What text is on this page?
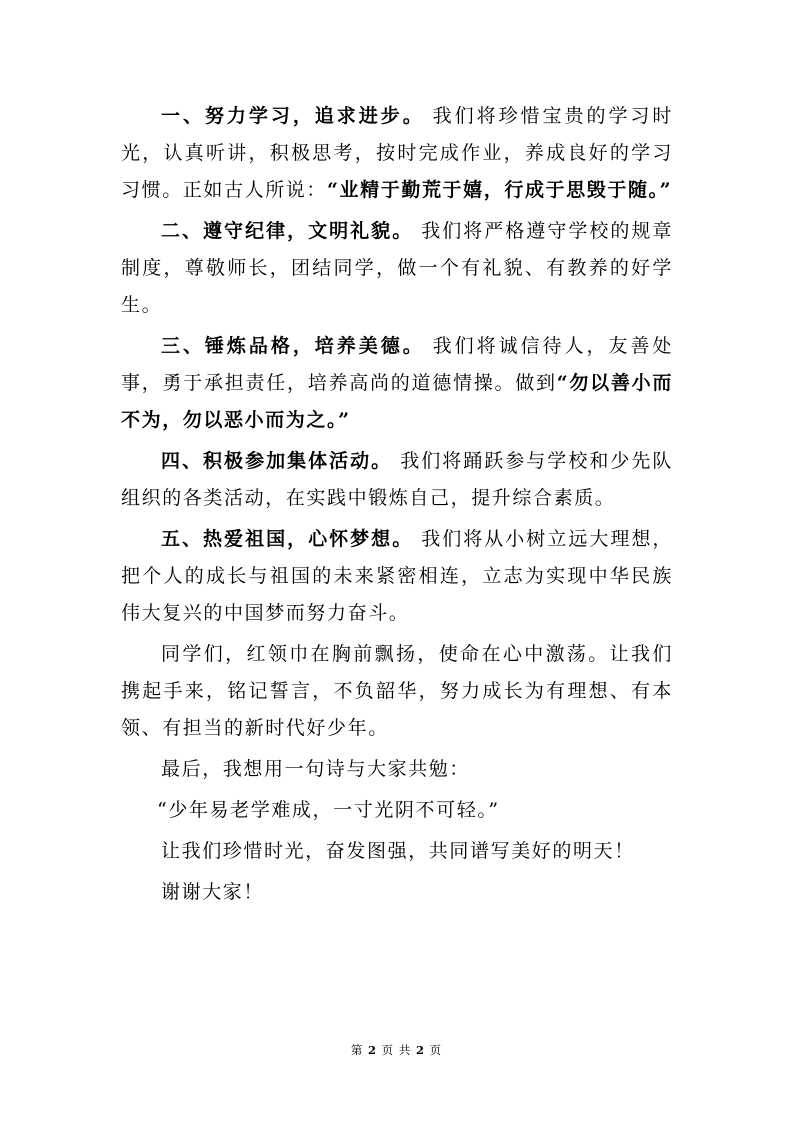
一、努力学习，追求进步。 我们将珍惜宝贵的学习时光，认真听讲，积极思考，按时完成作业，养成良好的学习习惯。正如古人所说：“业精于勤荒于嬉，行成于思毁于随。”

二、遵守纪律，文明礼貌。 我们将严格遵守学校的规章制度，尊敬师长，团结同学，做一个有礼貌、有教养的好学生。

三、锤炼品格，培养美德。 我们将诚信待人，友善处事，勇于承担责任，培养高尚的道德情操。做到“勿以善小而不为，勿以恶小而为之。”

四、积极参加集体活动。 我们将踊跃参与学校和少先队组织的各类活动，在实践中锻炼自己，提升综合素质。

五、热爱祖国，心怀梦想。 我们将从小树立远大理想，把个人的成长与祖国的未来紧密相连，立志为实现中华民族伟大复兴的中国梦而努力奋斗。

同学们，红领巾在胸前飘扬，使命在心中激荡。让我们携起手来，铭记誓言，不负韶华，努力成长为有理想、有本领、有担当的新时代好少年。

最后，我想用一句诗与大家共勉：

“少年易老学难成，一寸光阴不可轻。”

让我们珍惜时光，奋发图强，共同谱写美好的明天！

谢谢大家！

第 2 页 共 2 页
